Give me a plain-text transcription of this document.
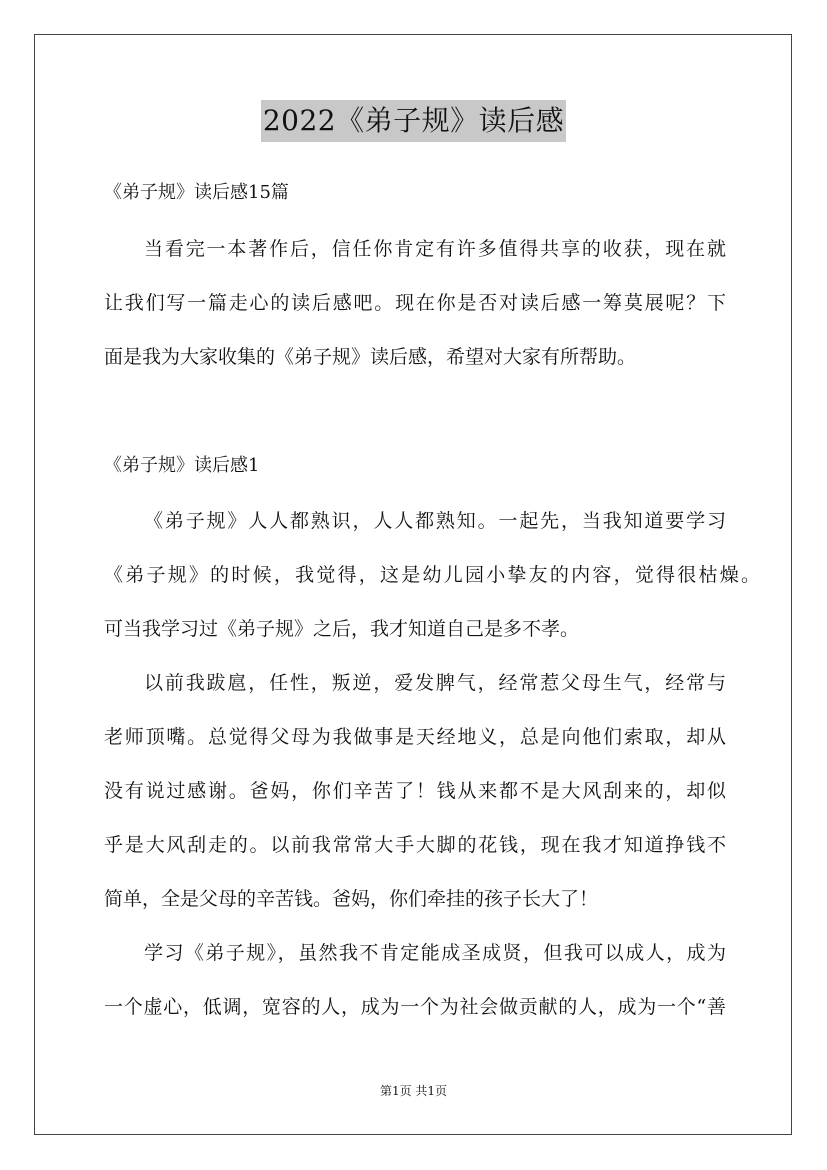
2022《弟子规》读后感
《弟子规》读后感15篇
当看完一本著作后，信任你肯定有许多值得共享的收获，现在就
让我们写一篇走心的读后感吧。现在你是否对读后感一筹莫展呢？下
面是我为大家收集的《弟子规》读后感，希望对大家有所帮助。
《弟子规》读后感1
《弟子规》人人都熟识，人人都熟知。一起先，当我知道要学习
《弟子规》的时候，我觉得，这是幼儿园小挚友的内容，觉得很枯燥。
可当我学习过《弟子规》之后，我才知道自己是多不孝。
以前我跋扈，任性，叛逆，爱发脾气，经常惹父母生气，经常与
老师顶嘴。总觉得父母为我做事是天经地义，总是向他们索取，却从
没有说过感谢。爸妈，你们辛苦了！钱从来都不是大风刮来的，却似
乎是大风刮走的。以前我常常大手大脚的花钱，现在我才知道挣钱不
简单，全是父母的辛苦钱。爸妈，你们牵挂的孩子长大了！
学习《弟子规》，虽然我不肯定能成圣成贤，但我可以成人，成为
一个虚心，低调，宽容的人，成为一个为社会做贡献的人，成为一个“善
第1页 共1页
